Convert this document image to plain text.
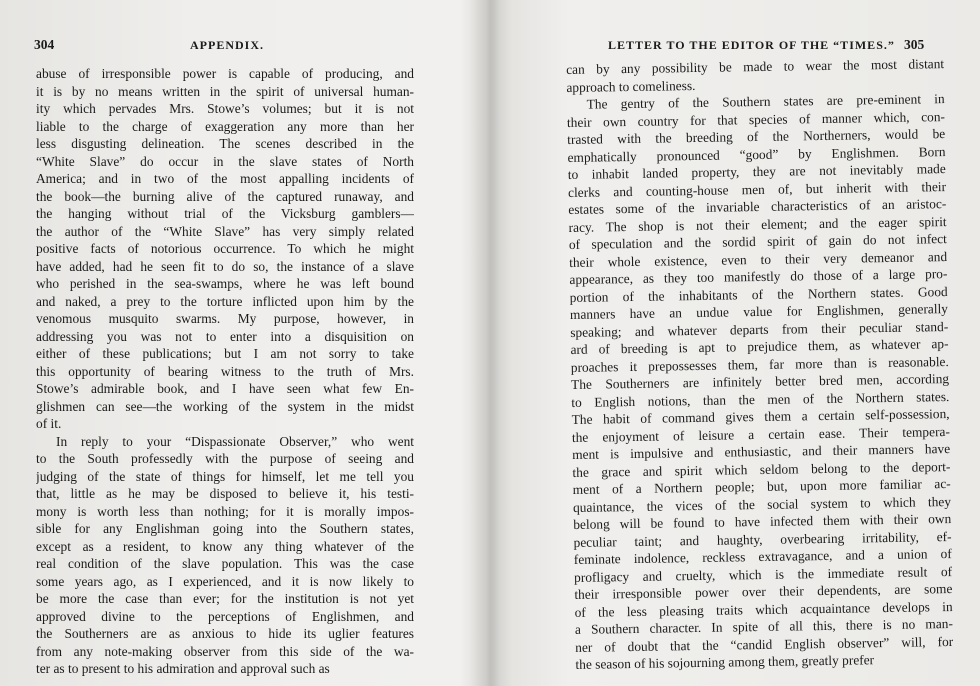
304	APPENDIX.
abuse of irresponsible power is capable of producing, and
it is by no means written in the spirit of universal human-
ity which pervades Mrs. Stowe’s volumes; but it is not
liable to the charge of exaggeration any more than her
less disgusting delineation. The scenes described in the
“White Slave” do occur in the slave states of North
America; and in two of the most appalling incidents of
the book—the burning alive of the captured runaway, and
the hanging without trial of the Vicksburg gamblers—
the author of the “White Slave” has very simply related
positive facts of notorious occurrence. To which he might
have added, had he seen fit to do so, the instance of a slave
who perished in the sea-swamps, where he was left bound
and naked, a prey to the torture inflicted upon him by the
venomous musquito swarms. My purpose, however, in
addressing you was not to enter into a disquisition on
either of these publications; but I am not sorry to take
this opportunity of bearing witness to the truth of Mrs.
Stowe’s admirable book, and I have seen what few En-
glishmen can see—the working of the system in the midst
of it.
In reply to your “Dispassionate Observer,” who went
to the South professedly with the purpose of seeing and
judging of the state of things for himself, let me tell you
that, little as he may be disposed to believe it, his testi-
mony is worth less than nothing; for it is morally impos-
sible for any Englishman going into the Southern states,
except as a resident, to know any thing whatever of the
real condition of the slave population. This was the case
some years ago, as I experienced, and it is now likely to
be more the case than ever; for the institution is not yet
approved divine to the perceptions of Englishmen, and
the Southerners are as anxious to hide its uglier features
from any note-making observer from this side of the wa-
ter as to present to his admiration and approval such as
LETTER TO THE EDITOR OF THE “TIMES.” 305
can by any possibility be made to wear the most distant
approach to comeliness.
The gentry of the Southern states are pre-eminent in
their own country for that species of manner which, con-
trasted with the breeding of the Northerners, would be
emphatically pronounced “good” by Englishmen. Born
to inhabit landed property, they are not inevitably made
clerks and counting-house men of, but inherit with their
estates some of the invariable characteristics of an aristoc-
racy. The shop is not their element; and the eager spirit
of speculation and the sordid spirit of gain do not infect
their whole existence, even to their very demeanor and
appearance, as they too manifestly do those of a large pro-
portion of the inhabitants of the Northern states. Good
manners have an undue value for Englishmen, generally
speaking; and whatever departs from their peculiar stand-
ard of breeding is apt to prejudice them, as whatever ap-
proaches it prepossesses them, far more than is reasonable.
The Southerners are infinitely better bred men, according
to English notions, than the men of the Northern states.
The habit of command gives them a certain self-possession,
the enjoyment of leisure a certain ease. Their tempera-
ment is impulsive and enthusiastic, and their manners have
the grace and spirit which seldom belong to the deport-
ment of a Northern people; but, upon more familiar ac-
quaintance, the vices of the social system to which they
belong will be found to have infected them with their own
peculiar taint; and haughty, overbearing irritability, ef-
feminate indolence, reckless extravagance, and a union of
profligacy and cruelty, which is the immediate result of
their irresponsible power over their dependents, are some
of the less pleasing traits which acquaintance develops in
a Southern character. In spite of all this, there is no man-
ner of doubt that the “candid English observer” will, for
the season of his sojourning among them, greatly prefer
